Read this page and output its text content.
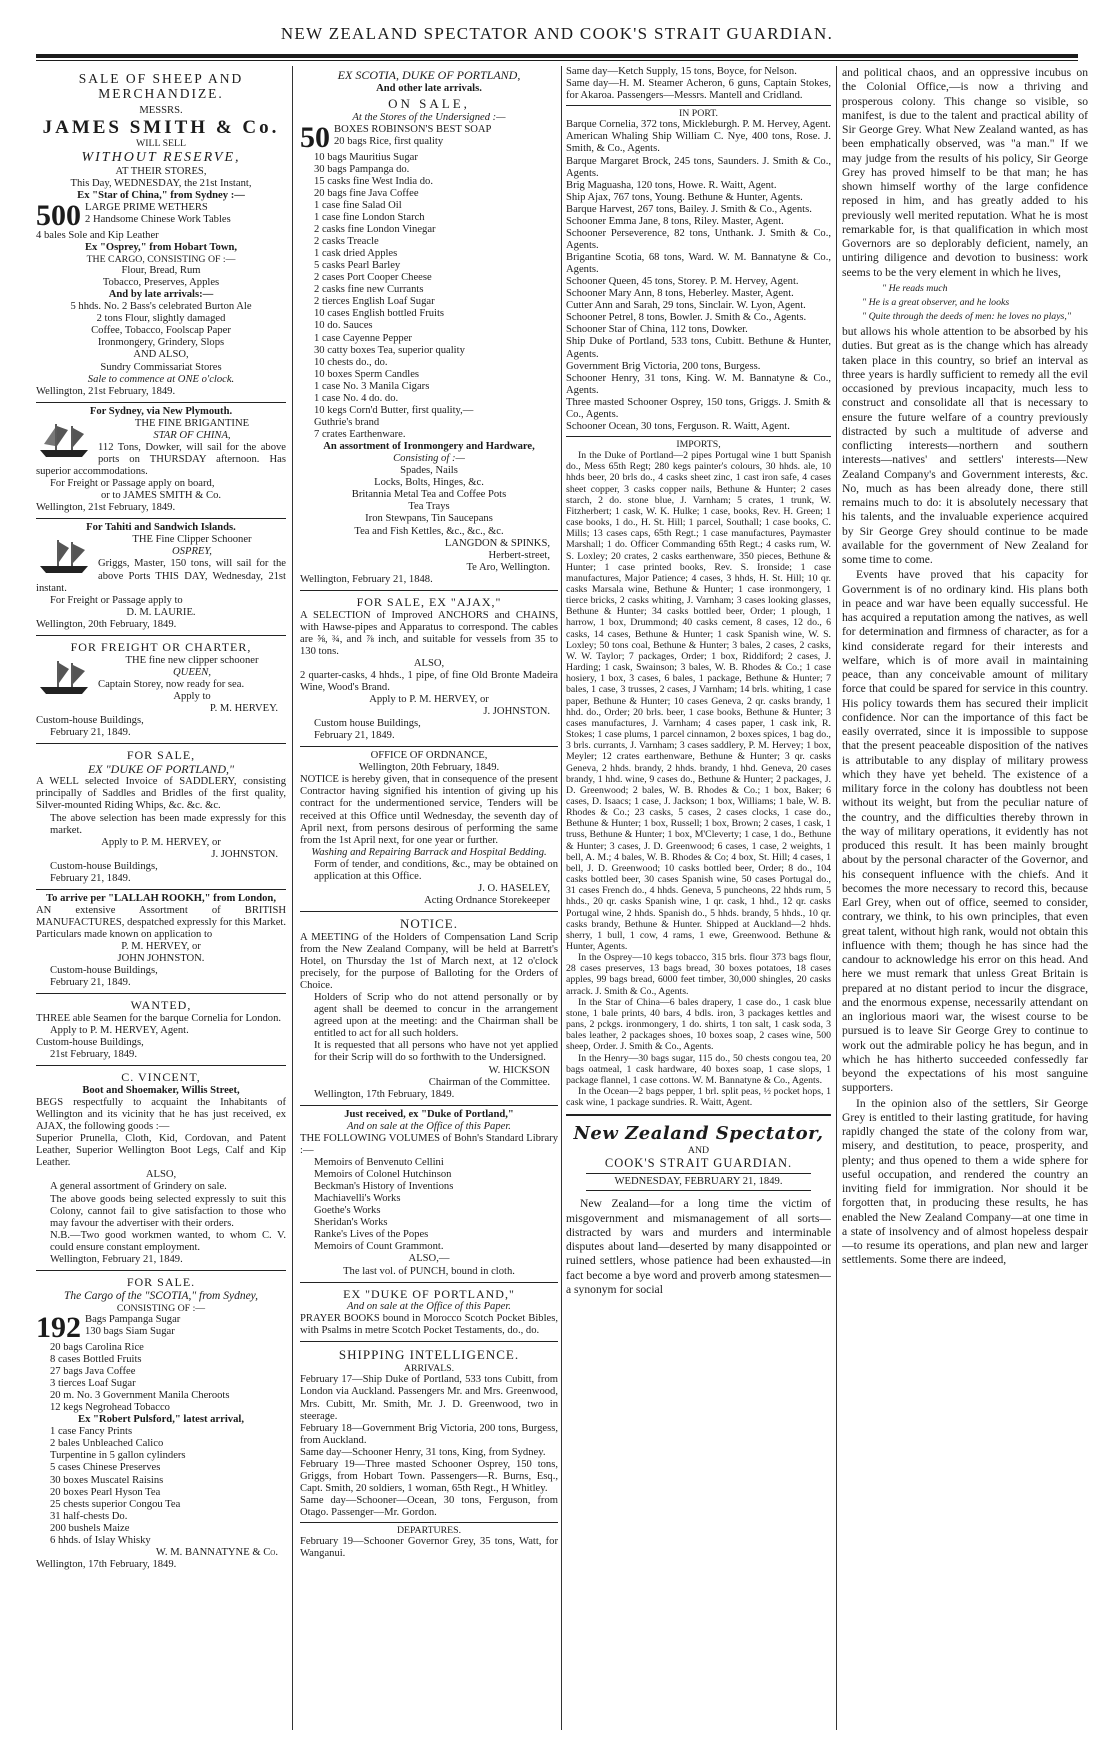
NEW ZEALAND SPECTATOR AND COOK'S STRAIT GUARDIAN.
SALE OF SHEEP AND MERCHANDIZE.
MESSRS.
JAMES SMITH & Co.
WILL SELL
WITHOUT RESERVE,
AT THEIR STORES,
This Day, WEDNESDAY, the 21st Instant,
Ex "Star of China," from Sydney :—
500 LARGE PRIME WETHERS
2 Handsome Chinese Work Tables
4 bales Sole and Kip Leather
Ex "Osprey," from Hobart Town,
THE CARGO, CONSISTING OF :—
Flour, Bread, Rum
Tobacco, Preserves, Apples
And by late arrivals:—
5 hhds. No. 2 Bass's celebrated Burton Ale
2 tons Flour, slightly damaged
Coffee, Tobacco, Foolscap Paper
Ironmongery, Grindery, Slops
AND ALSO,
Sundry Commissariat Stores
Sale to commence at ONE o'clock.
Wellington, 21st February, 1849.
For Sydney, via New Plymouth.
THE FINE BRIGANTINE
STAR OF CHINA,
112 Tons, Dowker, will sail for the above ports on THURSDAY afternoon. Has superior accommodations.
For Freight or Passage apply on board,
or to JAMES SMITH & Co.
Wellington, 21st February, 1849.
For Tahiti and Sandwich Islands.
THE Fine Clipper Schooner
OSPREY,
Griggs, Master, 150 tons, will sail for the above Ports THIS DAY, Wednesday, 21st instant.
For Freight or Passage apply to
D. M. LAURIE.
Wellington, 20th February, 1849.
FOR FREIGHT OR CHARTER,
THE fine new clipper schooner
QUEEN,
Captain Storey, now ready for sea.
Apply to
P. M. HERVEY.
Custom-house Buildings,
February 21, 1849.
FOR SALE,
EX "DUKE OF PORTLAND,"
A WELL selected Invoice of SADDLERY, consisting principally of Saddles and Bridles of the first quality, Silver-mounted Riding Whips, &c. &c. &c.
The above selection has been made expressly for this market.
Apply to P. M. HERVEY, or
J. JOHNSTON.
Custom-house Buildings,
February 21, 1849.
To arrive per "LALLAH ROOKH," from London,
AN extensive Assortment of BRITISH MANUFACTURES, despatched expressly for this Market. Particulars made known on application to
P. M. HERVEY, or
JOHN JOHNSTON.
Custom-house Buildings,
February 21, 1849.
WANTED,
THREE able Seamen for the barque Cornelia for London.
Apply to P. M. HERVEY, Agent.
Custom-house Buildings,
21st February, 1849.
C. VINCENT,
Boot and Shoemaker, Willis Street,
BEGS respectfully to acquaint the Inhabitants of Wellington and its vicinity that he has just received, ex AJAX, the following goods :—
Superior Prunella, Cloth, Kid, Cordovan, and Patent Leather, Superior Wellington Boot Legs, Calf and Kip Leather.
ALSO,
A general assortment of Grindery on sale.
The above goods being selected expressly to suit this Colony, cannot fail to give satisfaction to those who may favour the advertiser with their orders.
N.B.—Two good workmen wanted, to whom C. V. could ensure constant employment.
Wellington, February 21, 1849.
FOR SALE.
The Cargo of the "SCOTIA," from Sydney,
CONSISTING OF :—
192 Bags Pampanga Sugar
130 bags Siam Sugar
20 bags Carolina Rice
8 cases Bottled Fruits
27 bags Java Coffee
3 tierces Loaf Sugar
20 m. No. 3 Government Manila Cheroots
12 kegs Negrohead Tobacco
Ex "Robert Pulsford," latest arrival,
1 case Fancy Prints
2 bales Unbleached Calico
Turpentine in 5 gallon cylinders
5 cases Chinese Preserves
30 boxes Muscatel Raisins
20 boxes Pearl Hyson Tea
25 chests superior Congou Tea
31 half-chests Do.
200 bushels Maize
6 hhds. of Islay Whisky
W. M. BANNATYNE & Co.
Wellington, 17th February, 1849.
EX SCOTIA, DUKE OF PORTLAND,
And other late arrivals.
ON SALE,
At the Stores of the Undersigned :—
50 BOXES ROBINSON'S BEST SOAP
20 bags Rice, first quality
10 bags Mauritius Sugar
30 bags Pampanga do.
15 casks fine West India do.
20 bags fine Java Coffee
1 case fine Salad Oil
1 case fine London Starch
2 casks fine London Vinegar
2 casks Treacle
1 cask dried Apples
5 casks Pearl Barley
2 cases Port Cooper Cheese
2 casks fine new Currants
2 tierces English Loaf Sugar
10 cases English bottled Fruits
10 do. Sauces
1 case Cayenne Pepper
30 catty boxes Tea, superior quality
10 chests do., do.
10 boxes Sperm Candles
1 case No. 3 Manila Cigars
1 case No. 4 do. do.
10 kegs Corn'd Butter, first quality,—
Guthrie's brand
7 crates Earthenware.
An assortment of Ironmongery and Hardware,
Consisting of :—
Spades, Nails
Locks, Bolts, Hinges, &c.
Britannia Metal Tea and Coffee Pots
Tea Trays
Iron Stewpans, Tin Saucepans
Tea and Fish Kettles, &c., &c., &c.
LANGDON & SPINKS,
Herbert-street,
Te Aro, Wellington.
Wellington, February 21, 1848.
FOR SALE, EX "AJAX,"
A SELECTION of Improved ANCHORS and CHAINS, with Hawse-pipes and Apparatus to correspond. The cables are ⅝, ¾, and ⅞ inch, and suitable for vessels from 35 to 130 tons.
ALSO,
2 quarter-casks, 4 hhds., 1 pipe, of fine Old Bronte Madeira Wine, Wood's Brand.
Apply to P. M. HERVEY, or
J. JOHNSTON.
Custom house Buildings,
February 21, 1849.
OFFICE OF ORDNANCE,
Wellington, 20th February, 1849.
NOTICE is hereby given, that in consequence of the present Contractor having signified his intention of giving up his contract for the undermentioned service, Tenders will be received at this Office until Wednesday, the seventh day of April next, from persons desirous of performing the same from the 1st April next, for one year or further.
Washing and Repairing Barrack and Hospital Bedding.
Form of tender, and conditions, &c., may be obtained on application at this Office.
J. O. HASELEY,
Acting Ordnance Storekeeper
NOTICE.
A MEETING of the Holders of Compensation Land Scrip from the New Zealand Company, will be held at Barrett's Hotel, on Thursday the 1st of March next, at 12 o'clock precisely, for the purpose of Balloting for the Orders of Choice.
Holders of Scrip who do not attend personally or by agent shall be deemed to concur in the arrangement agreed upon at the meeting: and the Chairman shall be entitled to act for all such holders.
It is requested that all persons who have not yet applied for their Scrip will do so forthwith to the Undersigned.
W. HICKSON
Chairman of the Committee.
Wellington, 17th February, 1849.
Just received, ex "Duke of Portland,"
And on sale at the Office of this Paper.
THE FOLLOWING VOLUMES of Bohn's Standard Library :—
Memoirs of Benvenuto Cellini
Memoirs of Colonel Hutchinson
Beckman's History of Inventions
Machiavelli's Works
Goethe's Works
Sheridan's Works
Ranke's Lives of the Popes
Memoirs of Count Grammont.
ALSO,—
The last vol. of PUNCH, bound in cloth.
EX "DUKE OF PORTLAND,"
And on sale at the Office of this Paper.
PRAYER BOOKS bound in Morocco Scotch Pocket Bibles, with Psalms in metre Scotch Pocket Testaments, do., do.
SHIPPING INTELLIGENCE.
ARRIVALS.
February 17—Ship Duke of Portland, 533 tons Cubitt, from London via Auckland. Passengers Mr. and Mrs. Greenwood, Mrs. Cubitt, Mr. Smith, Mr. J. D. Greenwood, two in steerage.
February 18—Government Brig Victoria, 200 tons, Burgess, from Auckland.
Same day—Schooner Henry, 31 tons, King, from Sydney.
February 19—Three masted Schooner Osprey, 150 tons, Griggs, from Hobart Town. Passengers—R. Burns, Esq., Capt. Smith, 20 soldiers, 1 woman, 65th Regt., H Whitley.
Same day—Schooner—Ocean, 30 tons, Ferguson, from Otago. Passenger—Mr. Gordon.
DEPARTURES.
February 19—Schooner Governor Grey, 35 tons, Watt, for Wanganui.
Same day—Ketch Supply, 15 tons, Boyce, for Nelson.
Same day—H. M. Steamer Acheron, 6 guns, Captain Stokes, for Akaroa. Passengers—Messrs. Mantell and Cridland.
IN PORT.
Barque Cornelia, 372 tons, Mickleburgh. P. M. Hervey, Agent.
American Whaling Ship William C. Nye, 400 tons, Rose. J. Smith, & Co., Agents.
Barque Margaret Brock, 245 tons, Saunders. J. Smith & Co., Agents.
Brig Maguasha, 120 tons, Howe. R. Waitt, Agent.
Ship Ajax, 767 tons, Young. Bethune & Hunter, Agents.
Barque Harvest, 267 tons, Bailey. J. Smith & Co., Agents.
Schooner Emma Jane, 8 tons, Riley. Master, Agent.
Schooner Perseverence, 82 tons, Unthank. J. Smith & Co., Agents.
Brigantine Scotia, 68 tons, Ward. W. M. Bannatyne & Co., Agents.
Schooner Queen, 45 tons, Storey. P. M. Hervey, Agent.
Schooner Mary Ann, 8 tons, Heberley. Master, Agent.
Cutter Ann and Sarah, 29 tons, Sinclair. W. Lyon, Agent.
Schooner Petrel, 8 tons, Bowler. J. Smith & Co., Agents.
Schooner Star of China, 112 tons, Dowker.
Ship Duke of Portland, 533 tons, Cubitt. Bethune & Hunter, Agents.
Government Brig Victoria, 200 tons, Burgess.
Schooner Henry, 31 tons, King. W. M. Bannatyne & Co., Agents.
Three masted Schooner Osprey, 150 tons, Griggs. J. Smith & Co., Agents.
Schooner Ocean, 30 tons, Ferguson. R. Waitt, Agent.
IMPORTS,
In the Duke of Portland—2 pipes Portugal wine 1 butt Spanish do., Mess 65th Regt; 280 kegs painter's colours, 30 hhds. ale, 10 hhds beer, 20 brls do., 4 casks sheet zinc, 1 cast iron safe, 4 cases sheet copper, 3 casks copper nails, Bethune & Hunter; 2 cases starch, 2 do. stone blue, J. Varnham; 5 crates, 1 trunk, W. Fitzherbert; 1 cask, W. K. Hulke; 1 case, books, Rev. H. Green; 1 case books, 1 do., H. St. Hill; 1 parcel, Southall; 1 case books, C. Mills; 13 cases caps, 65th Regt.; 1 case manufactures, Paymaster Marshall; 1 do. Officer Commanding 65th Regt.; 4 casks rum, W. S. Loxley; 20 crates, 2 casks earthenware, 350 pieces, Bethune & Hunter; 1 case printed books, Rev. S. Ironside; 1 case manufactures, Major Patience; 4 cases, 3 hhds, H. St. Hill; 10 qr. casks Marsala wine, Bethune & Hunter; 1 case ironmongery, 1 tierce bricks, 2 casks whiting, J. Varnham; 3 cases looking glasses, Bethune & Hunter; 34 casks bottled beer, Order; 1 plough, 1 harrow, 1 box, Drummond; 40 casks cement, 8 cases, 12 do., 6 casks, 14 cases, Bethune & Hunter; 1 cask Spanish wine, W. S. Loxley; 50 tons coal, Bethune & Hunter; 3 bales, 2 cases, 2 casks, W. W. Taylor; 7 packages, Order; 1 box, Riddiford; 2 cases, J. Harding; 1 cask, Swainson; 3 bales, W. B. Rhodes & Co.; 1 case hosiery, 1 box, 3 cases, 6 bales, 1 package, Bethune & Hunter; 7 bales, 1 case, 3 trusses, 2 cases, J Varnham; 14 brls. whiting, 1 case paper, Bethune & Hunter; 10 cases Geneva, 2 qr. casks brandy, 1 hhd. do., Order; 20 brls. beer, 1 case books, Bethune & Hunter; 3 cases manufactures, J. Varnham; 4 cases paper, 1 cask ink, R. Stokes; 1 case plums, 1 parcel cinnamon, 2 boxes spices, 1 bag do., 3 brls. currants, J. Varnham; 3 cases saddlery, P. M. Hervey; 1 box, Meyler; 12 crates earthenware, Bethune & Hunter; 3 qr. casks Geneva, 2 hhds. brandy, 2 hhds. brandy, 1 hhd. Geneva, 20 cases brandy, 1 hhd. wine, 9 cases do., Bethune & Hunter; 2 packages, J. D. Greenwood; 2 bales, W. B. Rhodes & Co.; 1 box, Baker; 6 cases, D. Isaacs; 1 case, J. Jackson; 1 box, Williams; 1 bale, W. B. Rhodes & Co.; 23 casks, 5 cases, 2 cases clocks, 1 case do., Bethune & Hunter; 1 box, Russell; 1 box, Brown; 2 cases, 1 cask, 1 truss, Bethune & Hunter; 1 box, M'Cleverty; 1 case, 1 do., Bethune & Hunter; 3 cases, J. D. Greenwood; 6 cases, 1 case, 2 weights, 1 bell, A. M.; 4 bales, W. B. Rhodes & Co; 4 box, St. Hill; 4 cases, 1 bell, J. D. Greenwood; 10 casks bottled beer, Order; 8 do., 104 casks bottled beer, 30 cases Spanish wine, 50 cases Portugal do., 31 cases French do., 4 hhds. Geneva, 5 puncheons, 22 hhds rum, 5 hhds., 20 qr. casks Spanish wine, 1 qr. cask, 1 hhd., 12 qr. casks Portugal wine, 2 hhds. Spanish do., 5 hhds. brandy, 5 hhds., 10 qr. casks brandy, Bethune & Hunter. Shipped at Auckland—2 hhds. sherry, 1 bull, 1 cow, 4 rams, 1 ewe, Greenwood. Bethune & Hunter, Agents.
In the Osprey—10 kegs tobacco, 315 brls. flour 373 bags flour, 28 cases preserves, 13 bags bread, 30 boxes potatoes, 18 cases apples, 99 bags bread, 6000 feet timber, 30,000 shingles, 20 casks arrack. J. Smith & Co., Agents.
In the Star of China—6 bales drapery, 1 case do., 1 cask blue stone, 1 bale prints, 40 bars, 4 bdls. iron, 3 packages kettles and pans, 2 pckgs. ironmongery, 1 do. shirts, 1 ton salt, 1 cask soda, 3 bales leather, 2 packages shoes, 10 boxes soap, 2 cases wine, 500 sheep, Order. J. Smith & Co., Agents.
In the Henry—30 bags sugar, 115 do., 50 chests congou tea, 20 bags oatmeal, 1 cask hardware, 40 boxes soap, 1 case slops, 1 package flannel, 1 case cottons. W. M. Bannatyne & Co., Agents.
In the Ocean—2 bags pepper, 1 brl. split peas, ½ pocket hops, 1 cask wine, 1 package sundries. R. Waitt, Agent.
New Zealand Spectator,
AND
COOK'S STRAIT GUARDIAN.
WEDNESDAY, FEBRUARY 21, 1849.
New Zealand—for a long time the victim of misgovernment and mismanagement of all sorts—distracted by wars and murders and interminable disputes about land—deserted by many disappointed or ruined settlers, whose patience had been exhausted—in fact become a bye word and proverb among statesmen— a synonym for social

and political chaos, and an oppressive incubus on the Colonial Office,—is now a thriving and prosperous colony. This change so visible, so manifest, is due to the talent and practical ability of Sir George Grey. What New Zealand wanted, as has been emphatically observed, was "a man." If we may judge from the results of his policy, Sir George Grey has proved himself to be that man; he has shown himself worthy of the large confidence reposed in him, and has greatly added to his previously well merited reputation. What he is most remarkable for, is that qualification in which most Governors are so deplorably deficient, namely, an untiring diligence and devotion to business: work seems to be the very element in which he lives,

" He reads much
" He is a great observer, and he looks
" Quite through the deeds of men: he loves no plays,"

but allows his whole attention to be absorbed by his duties. But great as is the change which has already taken place in this country, so brief an interval as three years is hardly sufficient to remedy all the evil occasioned by previous incapacity, much less to construct and consolidate all that is necessary to ensure the future welfare of a country previously distracted by such a multitude of adverse and conflicting interests—northern and southern interests—natives' and settlers' interests—New Zealand Company's and Government interests, &c. No, much as has been already done, there still remains much to do: it is absolutely necessary that his talents, and the invaluable experience acquired by Sir George Grey should continue to be made available for the government of New Zealand for some time to come.

Events have proved that his capacity for Government is of no ordinary kind. His plans both in peace and war have been equally successful. He has acquired a reputation among the natives, as well for determination and firmness of character, as for a kind considerate regard for their interests and welfare, which is of more avail in maintaining peace, than any conceivable amount of military force that could be spared for service in this country. His policy towards them has secured their implicit confidence. Nor can the importance of this fact be easily overrated, since it is impossible to suppose that the present peaceable disposition of the natives is attributable to any display of military prowess which they have yet beheld. The existence of a military force in the colony has doubtless not been without its weight, but from the peculiar nature of the country, and the difficulties thereby thrown in the way of military operations, it evidently has not produced this result. It has been mainly brought about by the personal character of the Governor, and his consequent influence with the chiefs. And it becomes the more necessary to record this, because Earl Grey, when out of office, seemed to consider, contrary, we think, to his own principles, that even great talent, without high rank, would not obtain this influence with them; though he has since had the candour to acknowledge his error on this head. And here we must remark that unless Great Britain is prepared at no distant period to incur the disgrace, and the enormous expense, necessarily attendant on an inglorious maori war, the wisest course to be pursued is to leave Sir George Grey to continue to work out the admirable policy he has begun, and in which he has hitherto succeeded confessedly far beyond the expectations of his most sanguine supporters.

In the opinion also of the settlers, Sir George Grey is entitled to their lasting gratitude, for having rapidly changed the state of the colony from war, misery, and destitution, to peace, prosperity, and plenty; and thus opened to them a wide sphere for useful occupation, and rendered the country an inviting field for immigration. Nor should it be forgotten that, in producing these results, he has enabled the New Zealand Company—at one time in a state of insolvency and of almost hopeless despair—to resume its operations, and plan new and larger settlements. Some there are indeed,
